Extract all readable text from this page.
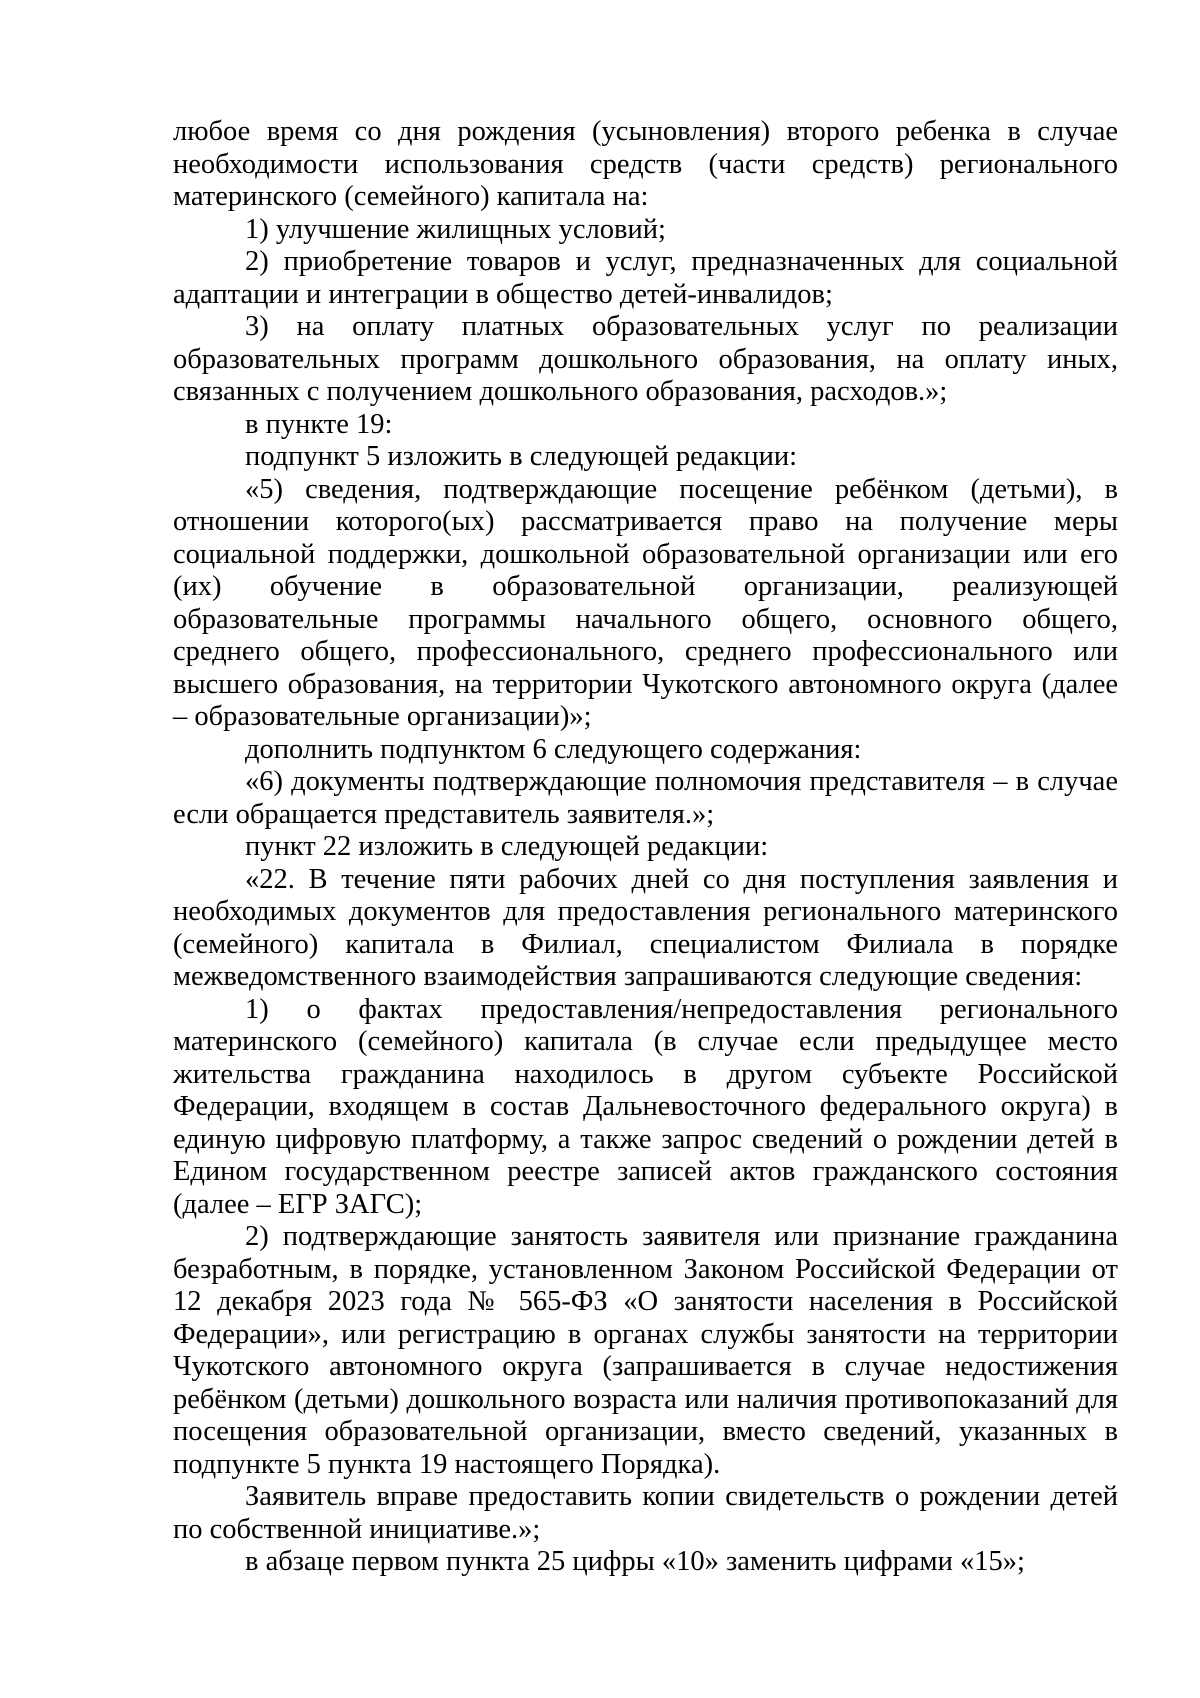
любое время со дня рождения (усыновления) второго ребенка в случае необходимости использования средств (части средств) регионального материнского (семейного) капитала на:

1) улучшение жилищных условий;

2) приобретение товаров и услуг, предназначенных для социальной адаптации и интеграции в общество детей-инвалидов;

3) на оплату платных образовательных услуг по реализации образовательных программ дошкольного образования, на оплату иных, связанных с получением дошкольного образования, расходов.»;

в пункте 19:

подпункт 5 изложить в следующей редакции:

«5) сведения, подтверждающие посещение ребёнком (детьми), в отношении которого(ых) рассматривается право на получение меры социальной поддержки, дошкольной образовательной организации или его (их) обучение в образовательной организации, реализующей образовательные программы начального общего, основного общего, среднего общего, профессионального, среднего профессионального или высшего образования, на территории Чукотского автономного округа (далее – образовательные организации)»;

дополнить подпунктом 6 следующего содержания:

«6) документы подтверждающие полномочия представителя – в случае если обращается представитель заявителя.»;

пункт 22 изложить в следующей редакции:

«22. В течение пяти рабочих дней со дня поступления заявления и необходимых документов для предоставления регионального материнского (семейного) капитала в Филиал, специалистом Филиала в порядке межведомственного взаимодействия запрашиваются следующие сведения:

1) о фактах предоставления/непредоставления регионального материнского (семейного) капитала (в случае если предыдущее место жительства гражданина находилось в другом субъекте Российской Федерации, входящем в состав Дальневосточного федерального округа) в единую цифровую платформу, а также запрос сведений о рождении детей в Едином государственном реестре записей актов гражданского состояния (далее – ЕГР ЗАГС);

2) подтверждающие занятость заявителя или признание гражданина безработным, в порядке, установленном Законом Российской Федерации от 12 декабря 2023 года № 565-ФЗ «О занятости населения в Российской Федерации», или регистрацию в органах службы занятости на территории Чукотского автономного округа (запрашивается в случае недостижения ребёнком (детьми) дошкольного возраста или наличия противопоказаний для посещения образовательной организации, вместо сведений, указанных в подпункте 5 пункта 19 настоящего Порядка).

Заявитель вправе предоставить копии свидетельств о рождении детей по собственной инициативе.»;

в абзаце первом пункта 25 цифры «10» заменить цифрами «15»;
